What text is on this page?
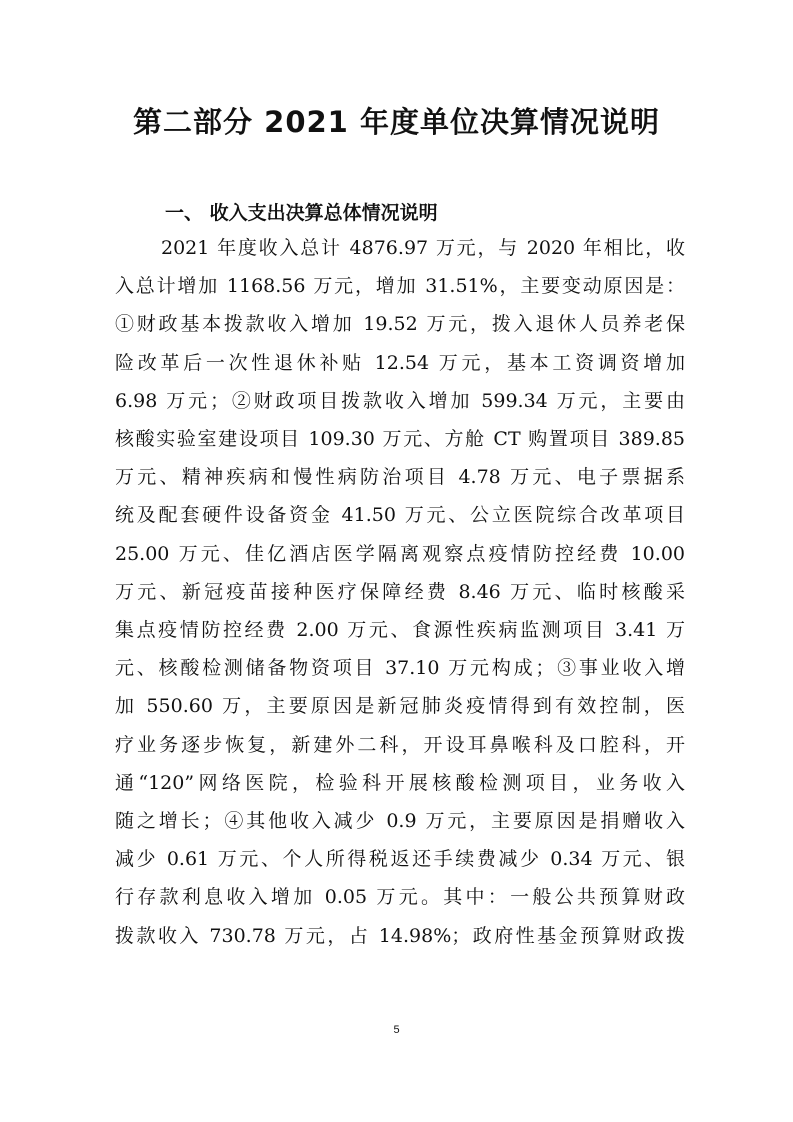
第二部分 2021 年度单位决算情况说明
一、 收入支出决算总体情况说明

2021 年度收入总计 4876.97 万元，与 2020 年相比，收

入总计增加 1168.56 万元，增加 31.51%，主要变动原因是：

①财政基本拨款收入增加 19.52 万元，拨入退休人员养老保

险改革后一次性退休补贴 12.54 万元，基本工资调资增加

6.98 万元；②财政项目拨款收入增加 599.34 万元，主要由

核酸实验室建设项目 109.30 万元、方舱 CT 购置项目 389.85

万元、精神疾病和慢性病防治项目 4.78 万元、电子票据系

统及配套硬件设备资金 41.50 万元、公立医院综合改革项目

25.00 万元、佳亿酒店医学隔离观察点疫情防控经费 10.00

万元、新冠疫苗接种医疗保障经费 8.46 万元、临时核酸采

集点疫情防控经费 2.00 万元、食源性疾病监测项目 3.41 万

元、核酸检测储备物资项目 37.10 万元构成；③事业收入增

加 550.60 万，主要原因是新冠肺炎疫情得到有效控制，医

疗业务逐步恢复，新建外二科，开设耳鼻喉科及口腔科，开

通“120”网络医院，检验科开展核酸检测项目，业务收入

随之增长；④其他收入减少 0.9 万元，主要原因是捐赠收入

减少 0.61 万元、个人所得税返还手续费减少 0.34 万元、银

行存款利息收入增加 0.05 万元。其中：一般公共预算财政

拨款收入 730.78 万元，占 14.98%；政府性基金预算财政拨

5
